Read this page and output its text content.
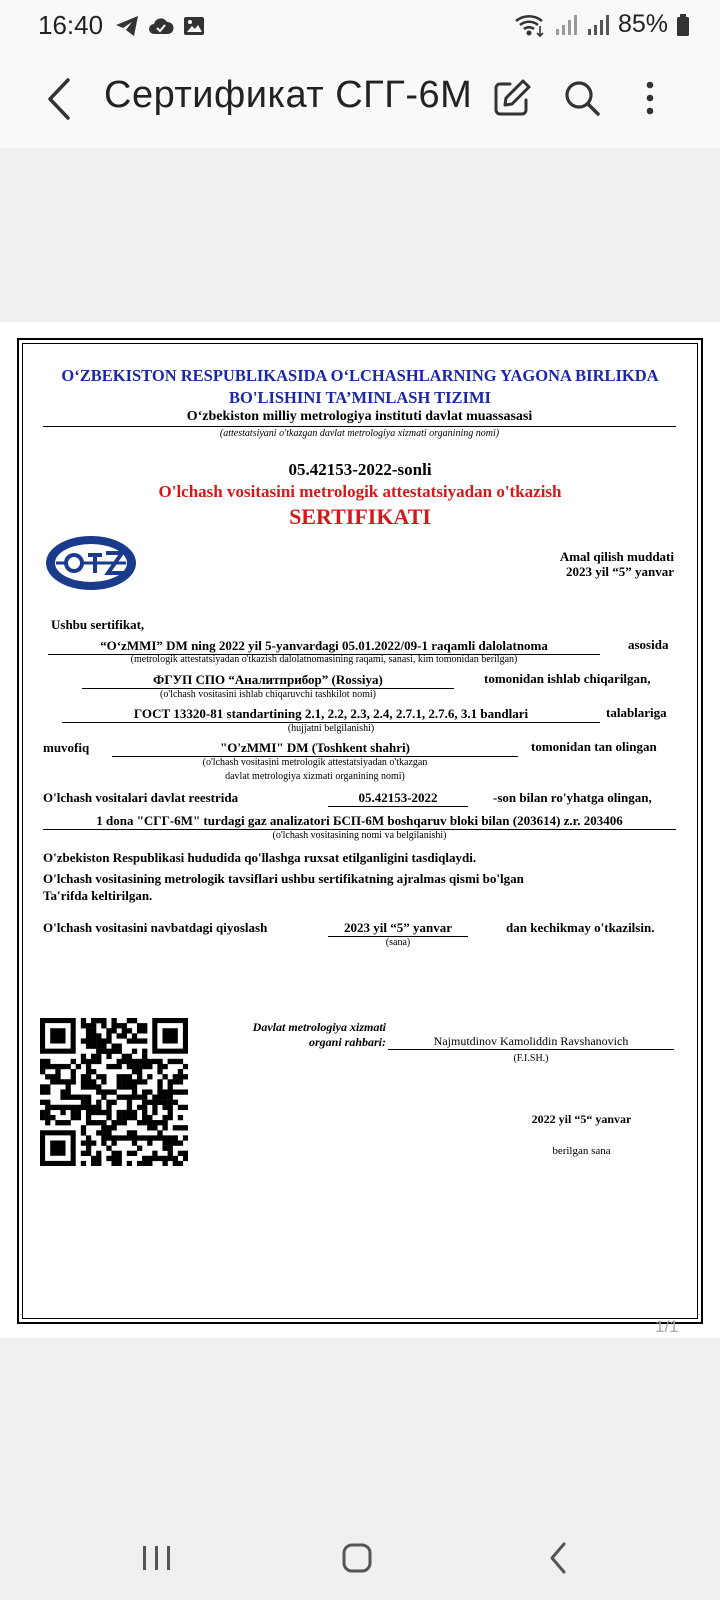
16:40	85%
Сертификат СГГ-6М
O‘ZBEKISTON RESPUBLIKASIDA O‘LCHASHLARNING YAGONA BIRLIKDA
BO'LISHINI TA’MINLASH TIZIMI
O‘zbekiston milliy metrologiya instituti davlat muassasasi
(attestatsiyani o'tkazgan davlat metrologiya xizmati organining nomi)
05.42153-2022-sonli
O'lchash vositasini metrologik attestatsiyadan o'tkazish
SERTIFIKATI
Amal qilish muddati
2023 yil “5” yanvar
Ushbu sertifikat,
“O‘zMMI” DM ning 2022 yil 5-yanvardagi 05.01.2022/09-1 raqamli dalolatnoma	asosida
(metrologik attestatsiyadan o'tkazish dalolatnomasining raqami, sanasi, kim tomonidan berilgan)
ФГУП СПО “Аналитприбор” (Rossiya)	tomonidan ishlab chiqarilgan,
(o'lchash vositasini ishlab chiqaruvchi tashkilot nomi)
ГОСТ 13320-81 standartining 2.1, 2.2, 2.3, 2.4, 2.7.1, 2.7.6, 3.1 bandlari	talablariga
(hujjatni belgilanishi)
muvofiq	"O'zMMI" DM (Toshkent shahri)	tomonidan tan olingan
(o'lchash vositasini metrologik attestatsiyadan o'tkazgan
davlat metrologiya xizmati organining nomi)
O'lchash vositalari davlat reestrida	05.42153-2022	-son bilan ro'yhatga olingan,
1 dona "СГГ-6М" turdagi gaz analizatori БСП-6М boshqaruv bloki bilan (203614) z.r. 203406
(o'lchash vositasining nomi va belgilanishi)
O'zbekiston Respublikasi hududida qo'llashga ruxsat etilganligini tasdiqlaydi.
O'lchash vositasining metrologik tavsiflari ushbu sertifikatning ajralmas qismi bo'lgan
Ta'rifda keltirilgan.
O'lchash vositasini navbatdagi qiyoslash	2023 yil “5” yanvar	dan kechikmay o'tkazilsin.
(sana)
Davlat metrologiya xizmati
organi rahbari:	Najmutdinov Kamoliddin Ravshanovich
(F.I.SH.)
2022 yil “5“ yanvar
berilgan sana
1/1
